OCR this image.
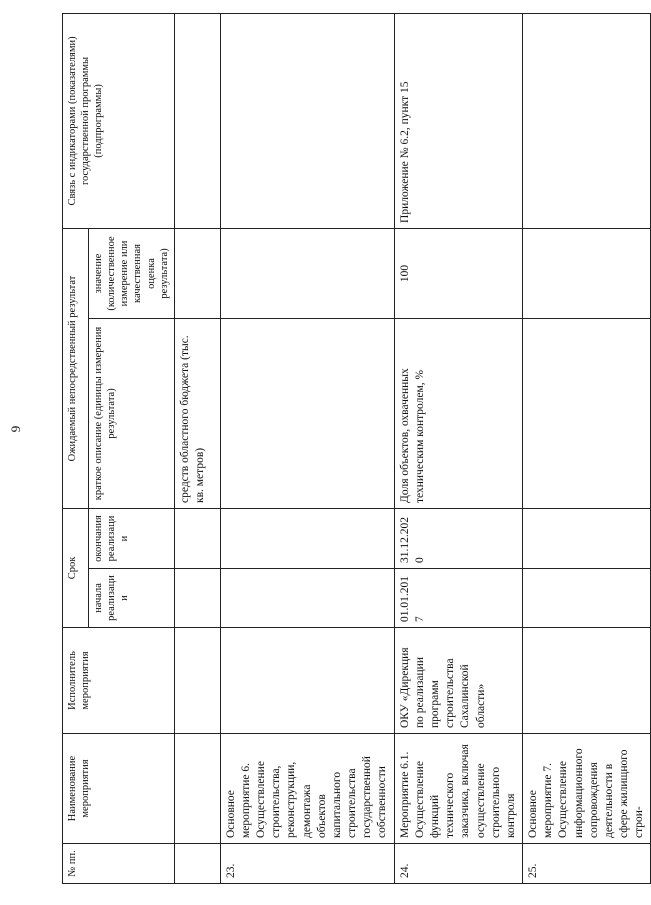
9
№ пп.	Наименование мероприятия	Исполнитель мероприятия	Срок		Ожидаемый непосредственный результат		Связь с индикаторами (показателями) государственной программы (подпрограммы)
			начала реализации	окончания реализации	краткое описание (единицы измерения результата)	значение (количественное измерение или качественная оценка результата)	
					средств областного бюджета (тыс. кв. метров)		
23.	Основное мероприятие 6. Осуществление строительства, реконструкции, демонтажа объектов капитального строительства государственной собственности						
24.	Мероприятие 6.1. Осуществление функций технического заказчика, включая осуществление строительного контроля	ОКУ «Дирекция по реализации программ строительства Сахалинской области»	01.01.2017	31.12.2020	Доля объектов, охваченных техническим контролем, %	100	Приложение № 6.2, пункт 15
25.	Основное мероприятие 7. Осуществление информационного сопровождения деятельности в сфере жилищного строи-						
